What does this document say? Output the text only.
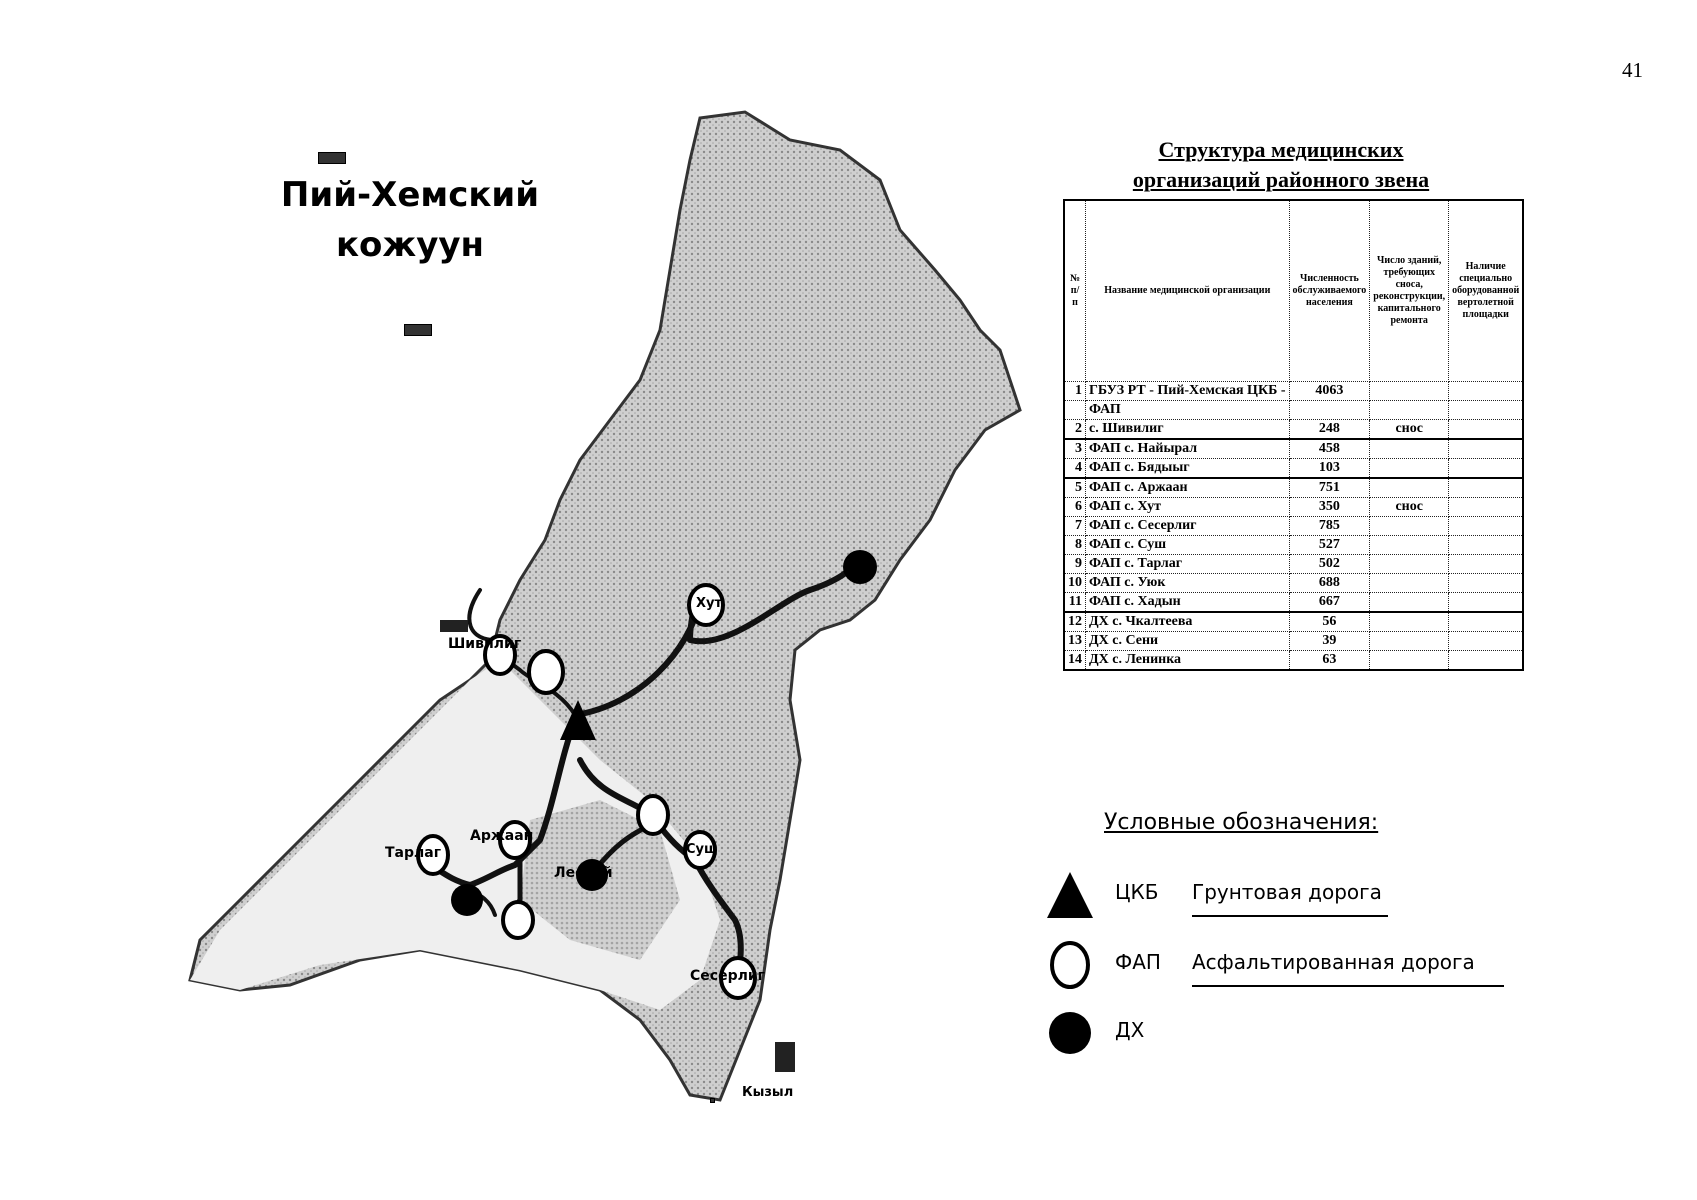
41
Пий-Хемский
кожуун
Шивилиг
Хут
Тарлаг
Аржаан
Лесной
Суш
Сесерлиг
Кызыл
Структура медицинских
организаций районного звена
№ п/п	Название медицинской организации	Численность обслуживаемого населения	Число зданий, требующих сноса, реконструкции, капитального ремонта	Наличие специально оборудованной вертолетной площадки
1	ГБУЗ РТ - Пий-Хемская ЦКБ -	4063		
	ФАП			
2	с. Шивилиг	248	снос	
3	ФАП с. Найырал	458		
4	ФАП с. Бядыыг	103		
5	ФАП с. Аржаан	751		
6	ФАП с. Хут	350	снос	
7	ФАП с. Сесерлиг	785		
8	ФАП с. Суш	527		
9	ФАП с. Тарлаг	502		
10	ФАП с. Уюк	688		
11	ФАП с. Хадын	667		
12	ДХ с. Чкалтеева	56		
13	ДХ с. Сени	39		
14	ДХ с. Ленинка	63		
Условные обозначения:
ЦКБ Грунтовая дорога
ФАП Асфальтированная дорога
ДХ
